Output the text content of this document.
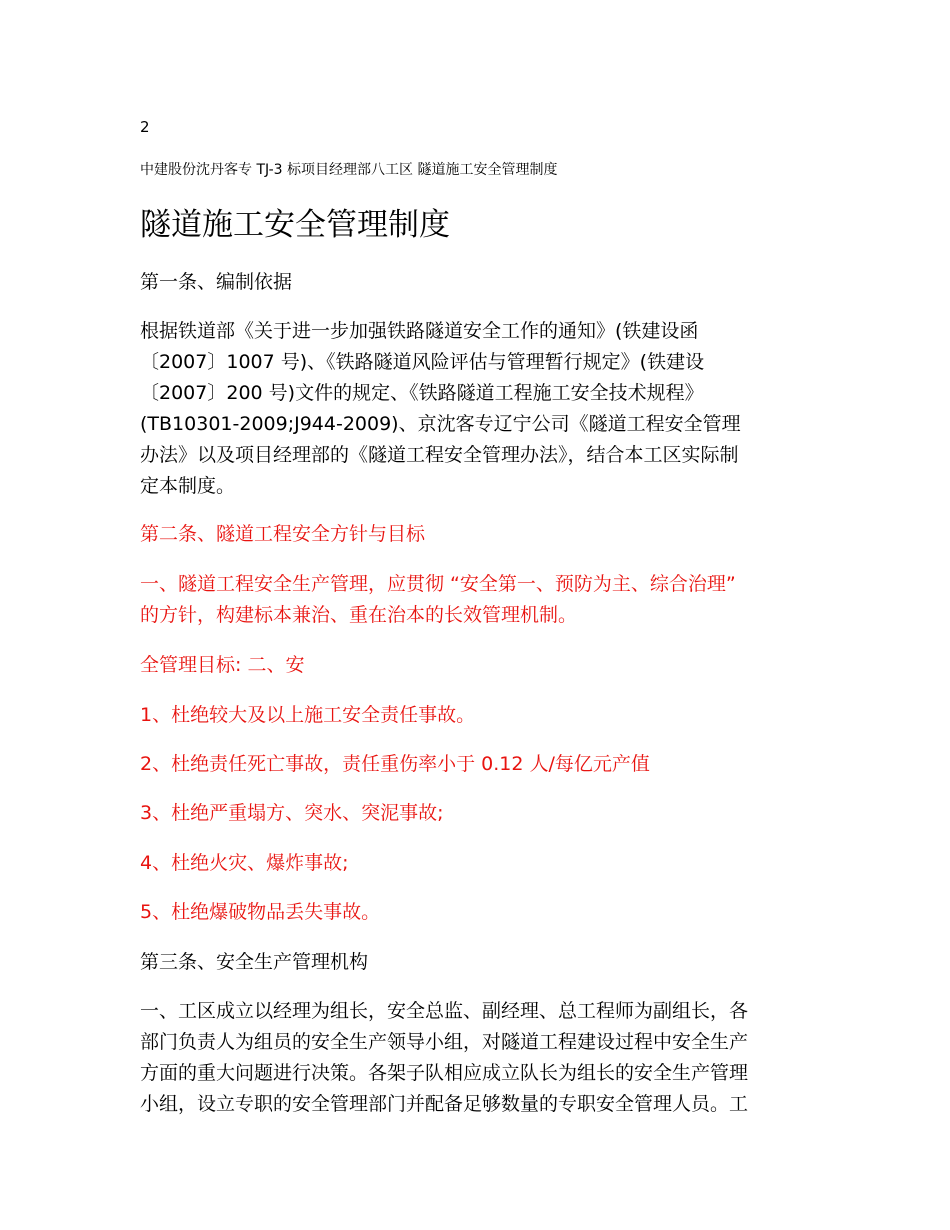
2
中建股份沈丹客专 TJ-3 标项目经理部八工区 隧道施工安全管理制度
隧道施工安全管理制度

第一条、编制依据

根据铁道部《关于进一步加强铁路隧道安全工作的通知》(铁建设函
〔2007〕1007 号)、《铁路隧道风险评估与管理暂行规定》(铁建设
〔2007〕200 号)文件的规定、《铁路隧道工程施工安全技术规程》
(TB10301-2009;J944-2009)、京沈客专辽宁公司《隧道工程安全管理
办法》以及项目经理部的《隧道工程安全管理办法》，结合本工区实际制
定本制度。

第二条、隧道工程安全方针与目标

一、隧道工程安全生产管理，应贯彻 “安全第一、预防为主、综合治理”
的方针，构建标本兼治、重在治本的长效管理机制。

全管理目标: 二、安

1、杜绝较大及以上施工安全责任事故。

2、杜绝责任死亡事故，责任重伤率小于 0.12 人/每亿元产值

3、杜绝严重塌方、突水、突泥事故;

4、杜绝火灾、爆炸事故;

5、杜绝爆破物品丢失事故。

第三条、安全生产管理机构

一、工区成立以经理为组长，安全总监、副经理、总工程师为副组长，各
部门负责人为组员的安全生产领导小组，对隧道工程建设过程中安全生产
方面的重大问题进行决策。各架子队相应成立队长为组长的安全生产管理
小组，设立专职的安全管理部门并配备足够数量的专职安全管理人员。工
